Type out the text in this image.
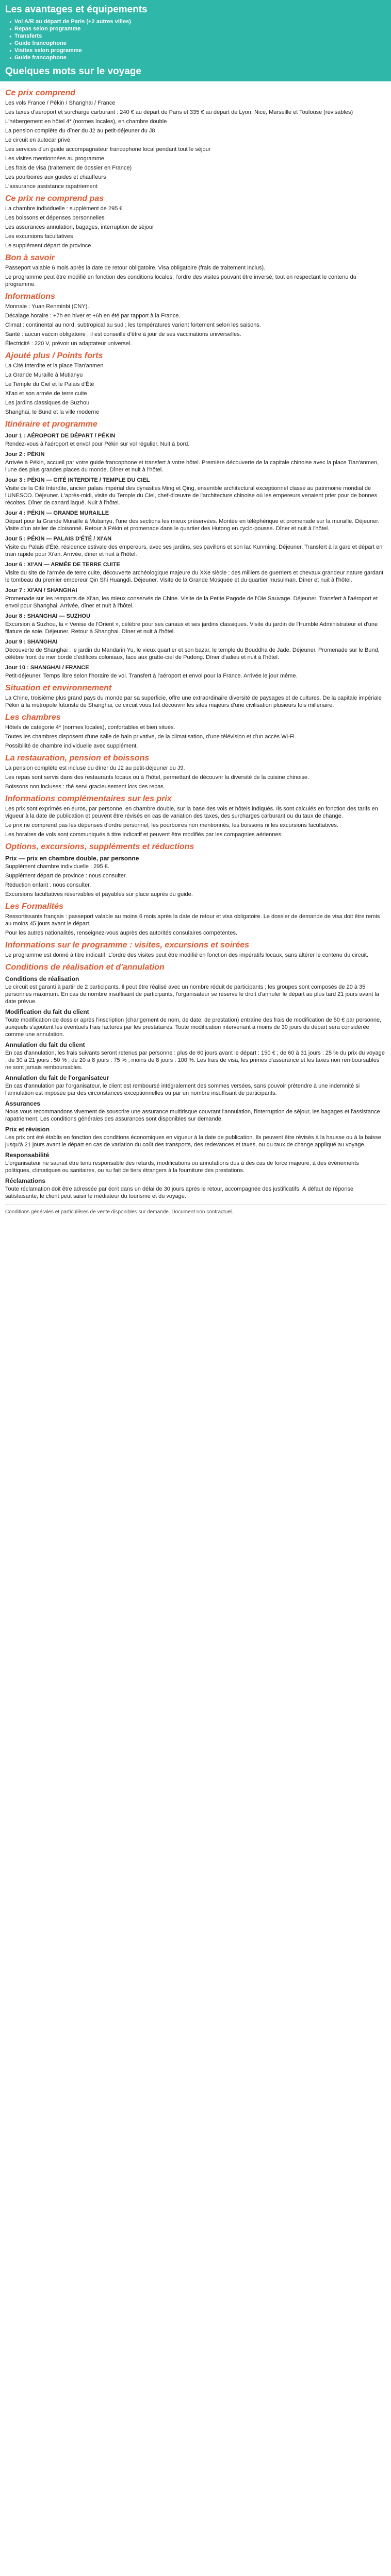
Les avantages et équipements
● Vol A/R au départ de Paris (+2 autres villes)
● Repas selon programme
● Transferts
● Guide francophone
● Visites selon programme
● Guide francophone
Quelques mots sur le voyage
Ce prix comprend

Les vols France / Pékin / Shanghai / France

Les taxes d'aéroport et surcharge carburant : 240 € au départ de Paris et 335 € au départ de Lyon, Nice, Marseille et Toulouse (révisables)

L'hébergement en hôtel 4* (normes locales), en chambre double

La pension complète du dîner du J2 au petit-déjeuner du J8

Le circuit en autocar privé

Les services d'un guide accompagnateur francophone local pendant tout le séjour

Les visites mentionnées au programme

Les frais de visa (traitement de dossier en France)

Les pourboires aux guides et chauffeurs

L'assurance assistance rapatriement

Ce prix ne comprend pas

La chambre individuelle : supplément de 295 €

Les boissons et dépenses personnelles

Les assurances annulation, bagages, interruption de séjour

Les excursions facultatives

Le supplément départ de province

Bon à savoir

Passeport valable 6 mois après la date de retour obligatoire. Visa obligatoire (frais de traitement inclus).

Le programme peut être modifié en fonction des conditions locales, l'ordre des visites pouvant être inversé, tout en respectant le contenu du programme.

Informations

Monnaie : Yuan Renminbi (CNY).

Décalage horaire : +7h en hiver et +6h en été par rapport à la France.

Climat : continental au nord, subtropical au sud ; les températures varient fortement selon les saisons.

Santé : aucun vaccin obligatoire ; il est conseillé d'être à jour de ses vaccinations universelles.

Électricité : 220 V, prévoir un adaptateur universel.

Ajouté plus / Points forts

La Cité Interdite et la place Tian'anmen

La Grande Muraille à Mutianyu

Le Temple du Ciel et le Palais d'Été

Xi'an et son armée de terre cuite

Les jardins classiques de Suzhou

Shanghai, le Bund et la ville moderne

Itinéraire et programme
Jour 1 : AÉROPORT DE DÉPART / PÉKIN

Rendez-vous à l'aéroport et envol pour Pékin sur vol régulier. Nuit à bord.

Jour 2 : PÉKIN

Arrivée à Pékin, accueil par votre guide francophone et transfert à votre hôtel. Première découverte de la capitale chinoise avec la place Tian'anmen, l'une des plus grandes places du monde. Dîner et nuit à l'hôtel.

Jour 3 : PÉKIN — CITÉ INTERDITE / TEMPLE DU CIEL

Visite de la Cité Interdite, ancien palais impérial des dynasties Ming et Qing, ensemble architectural exceptionnel classé au patrimoine mondial de l'UNESCO. Déjeuner. L'après-midi, visite du Temple du Ciel, chef-d'œuvre de l'architecture chinoise où les empereurs venaient prier pour de bonnes récoltes. Dîner de canard laqué. Nuit à l'hôtel.

Jour 4 : PÉKIN — GRANDE MURAILLE

Départ pour la Grande Muraille à Mutianyu, l'une des sections les mieux préservées. Montée en téléphérique et promenade sur la muraille. Déjeuner. Visite d'un atelier de cloisonné. Retour à Pékin et promenade dans le quartier des Hutong en cyclo-pousse. Dîner et nuit à l'hôtel.

Jour 5 : PÉKIN — PALAIS D'ÉTÉ / XI'AN

Visite du Palais d'Été, résidence estivale des empereurs, avec ses jardins, ses pavillons et son lac Kunming. Déjeuner. Transfert à la gare et départ en train rapide pour Xi'an. Arrivée, dîner et nuit à l'hôtel.

Jour 6 : XI'AN — ARMÉE DE TERRE CUITE

Visite du site de l'armée de terre cuite, découverte archéologique majeure du XXe siècle : des milliers de guerriers et chevaux grandeur nature gardant le tombeau du premier empereur Qin Shi Huangdi. Déjeuner. Visite de la Grande Mosquée et du quartier musulman. Dîner et nuit à l'hôtel.

Jour 7 : XI'AN / SHANGHAI

Promenade sur les remparts de Xi'an, les mieux conservés de Chine. Visite de la Petite Pagode de l'Oie Sauvage. Déjeuner. Transfert à l'aéroport et envol pour Shanghai. Arrivée, dîner et nuit à l'hôtel.

Jour 8 : SHANGHAI — SUZHOU

Excursion à Suzhou, la « Venise de l'Orient », célèbre pour ses canaux et ses jardins classiques. Visite du jardin de l'Humble Administrateur et d'une filature de soie. Déjeuner. Retour à Shanghai. Dîner et nuit à l'hôtel.

Jour 9 : SHANGHAI

Découverte de Shanghai : le jardin du Mandarin Yu, le vieux quartier et son bazar, le temple du Bouddha de Jade. Déjeuner. Promenade sur le Bund, célèbre front de mer bordé d'édifices coloniaux, face aux gratte-ciel de Pudong. Dîner d'adieu et nuit à l'hôtel.

Jour 10 : SHANGHAI / FRANCE

Petit-déjeuner. Temps libre selon l'horaire de vol. Transfert à l'aéroport et envol pour la France. Arrivée le jour même.

Situation et environnement

La Chine, troisième plus grand pays du monde par sa superficie, offre une extraordinaire diversité de paysages et de cultures. De la capitale impériale Pékin à la métropole futuriste de Shanghai, ce circuit vous fait découvrir les sites majeurs d'une civilisation plusieurs fois millénaire.

Les chambres

Hôtels de catégorie 4* (normes locales), confortables et bien situés.

Toutes les chambres disposent d'une salle de bain privative, de la climatisation, d'une télévision et d'un accès Wi-Fi.

Possibilité de chambre individuelle avec supplément.

La restauration, pension et boissons

La pension complète est incluse du dîner du J2 au petit-déjeuner du J9.

Les repas sont servis dans des restaurants locaux ou à l'hôtel, permettant de découvrir la diversité de la cuisine chinoise.

Boissons non incluses : thé servi gracieusement lors des repas.

Informations complémentaires sur les prix

Les prix sont exprimés en euros, par personne, en chambre double, sur la base des vols et hôtels indiqués. Ils sont calculés en fonction des tarifs en vigueur à la date de publication et peuvent être révisés en cas de variation des taxes, des surcharges carburant ou du taux de change.

Le prix ne comprend pas les dépenses d'ordre personnel, les pourboires non mentionnés, les boissons ni les excursions facultatives.

Les horaires de vols sont communiqués à titre indicatif et peuvent être modifiés par les compagnies aériennes.

Options, excursions, suppléments et réductions
Prix — prix en chambre double, par personne

Supplément chambre individuelle : 295 €.

Supplément départ de province : nous consulter.

Réduction enfant : nous consulter.

Excursions facultatives réservables et payables sur place auprès du guide.

Les Formalités

Ressortissants français : passeport valable au moins 6 mois après la date de retour et visa obligatoire. Le dossier de demande de visa doit être remis au moins 45 jours avant le départ.

Pour les autres nationalités, renseignez-vous auprès des autorités consulaires compétentes.

Informations sur le programme : visites, excursions et soirées

Le programme est donné à titre indicatif. L'ordre des visites peut être modifié en fonction des impératifs locaux, sans altérer le contenu du circuit.

Conditions de réalisation et d'annulation
Conditions de réalisation

Le circuit est garanti à partir de 2 participants. Il peut être réalisé avec un nombre réduit de participants ; les groupes sont composés de 20 à 35 personnes maximum. En cas de nombre insuffisant de participants, l'organisateur se réserve le droit d'annuler le départ au plus tard 21 jours avant la date prévue.

Modification du fait du client

Toute modification de dossier après l'inscription (changement de nom, de date, de prestation) entraîne des frais de modification de 50 € par personne, auxquels s'ajoutent les éventuels frais facturés par les prestataires. Toute modification intervenant à moins de 30 jours du départ sera considérée comme une annulation.

Annulation du fait du client

En cas d'annulation, les frais suivants seront retenus par personne : plus de 60 jours avant le départ : 150 € ; de 60 à 31 jours : 25 % du prix du voyage ; de 30 à 21 jours : 50 % ; de 20 à 8 jours : 75 % ; moins de 8 jours : 100 %. Les frais de visa, les primes d'assurance et les taxes non remboursables ne sont jamais remboursables.

Annulation du fait de l'organisateur

En cas d'annulation par l'organisateur, le client est remboursé intégralement des sommes versées, sans pouvoir prétendre à une indemnité si l'annulation est imposée par des circonstances exceptionnelles ou par un nombre insuffisant de participants.

Assurances

Nous vous recommandons vivement de souscrire une assurance multirisque couvrant l'annulation, l'interruption de séjour, les bagages et l'assistance rapatriement. Les conditions générales des assurances sont disponibles sur demande.

Prix et révision

Les prix ont été établis en fonction des conditions économiques en vigueur à la date de publication. Ils peuvent être révisés à la hausse ou à la baisse jusqu'à 21 jours avant le départ en cas de variation du coût des transports, des redevances et taxes, ou du taux de change appliqué au voyage.

Responsabilité

L'organisateur ne saurait être tenu responsable des retards, modifications ou annulations dus à des cas de force majeure, à des événements politiques, climatiques ou sanitaires, ou au fait de tiers étrangers à la fourniture des prestations.

Réclamations

Toute réclamation doit être adressée par écrit dans un délai de 30 jours après le retour, accompagnée des justificatifs. À défaut de réponse satisfaisante, le client peut saisir le médiateur du tourisme et du voyage.

Conditions générales et particulières de vente disponibles sur demande. Document non contractuel.
